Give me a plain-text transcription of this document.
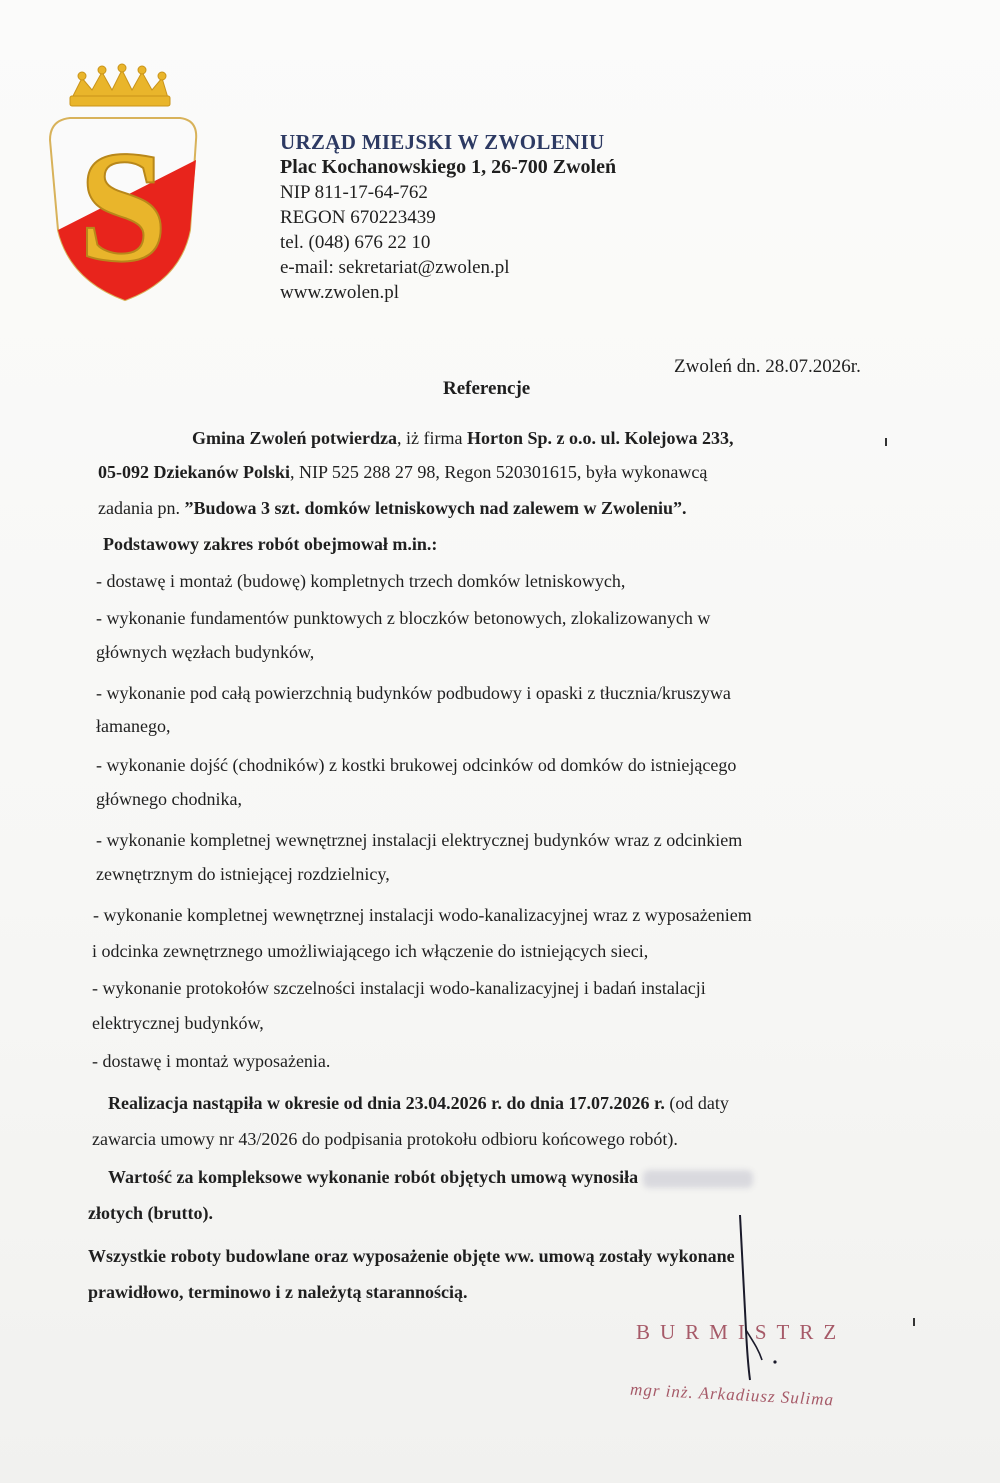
S	URZĄD MIEJSKI W ZWOLENIU
Plac Kochanowskiego 1, 26-700 Zwoleń
NIP 811-17-64-762
REGON 670223439
tel. (048) 676 22 10
e-mail: sekretariat@zwolen.pl
www.zwolen.pl
Zwoleń dn. 28.07.2026r.
Referencje
Gmina Zwoleń potwierdza, iż firma Horton Sp. z o.o. ul. Kolejowa 233,
05-092 Dziekanów Polski, NIP 525 288 27 98, Regon 520301615, była wykonawcą
zadania pn. ”Budowa 3 szt. domków letniskowych nad zalewem w Zwoleniu”.
Podstawowy zakres robót obejmował m.in.:
- dostawę i montaż (budowę) kompletnych trzech domków letniskowych,
- wykonanie fundamentów punktowych z bloczków betonowych, zlokalizowanych w
głównych węzłach budynków,
- wykonanie pod całą powierzchnią budynków podbudowy i opaski z tłucznia/kruszywa
łamanego,
- wykonanie dojść (chodników) z kostki brukowej odcinków od domków do istniejącego
głównego chodnika,
- wykonanie kompletnej wewnętrznej instalacji elektrycznej budynków wraz z odcinkiem
zewnętrznym do istniejącej rozdzielnicy,
- wykonanie kompletnej wewnętrznej instalacji wodo-kanalizacyjnej wraz z wyposażeniem
i odcinka zewnętrznego umożliwiającego ich włączenie do istniejących sieci,
- wykonanie protokołów szczelności instalacji wodo-kanalizacyjnej i badań instalacji
elektrycznej budynków,
- dostawę i montaż wyposażenia.
Realizacja nastąpiła w okresie od dnia 23.04.2026 r. do dnia 17.07.2026 r. (od daty
zawarcia umowy nr 43/2026 do podpisania protokołu odbioru końcowego robót).
Wartość za kompleksowe wykonanie robót objętych umową wynosiła
złotych (brutto).
Wszystkie roboty budowlane oraz wyposażenie objęte ww. umową zostały wykonane
prawidłowo, terminowo i z należytą starannością.
BURMISTRZ
mgr inż. Arkadiusz Sulima
